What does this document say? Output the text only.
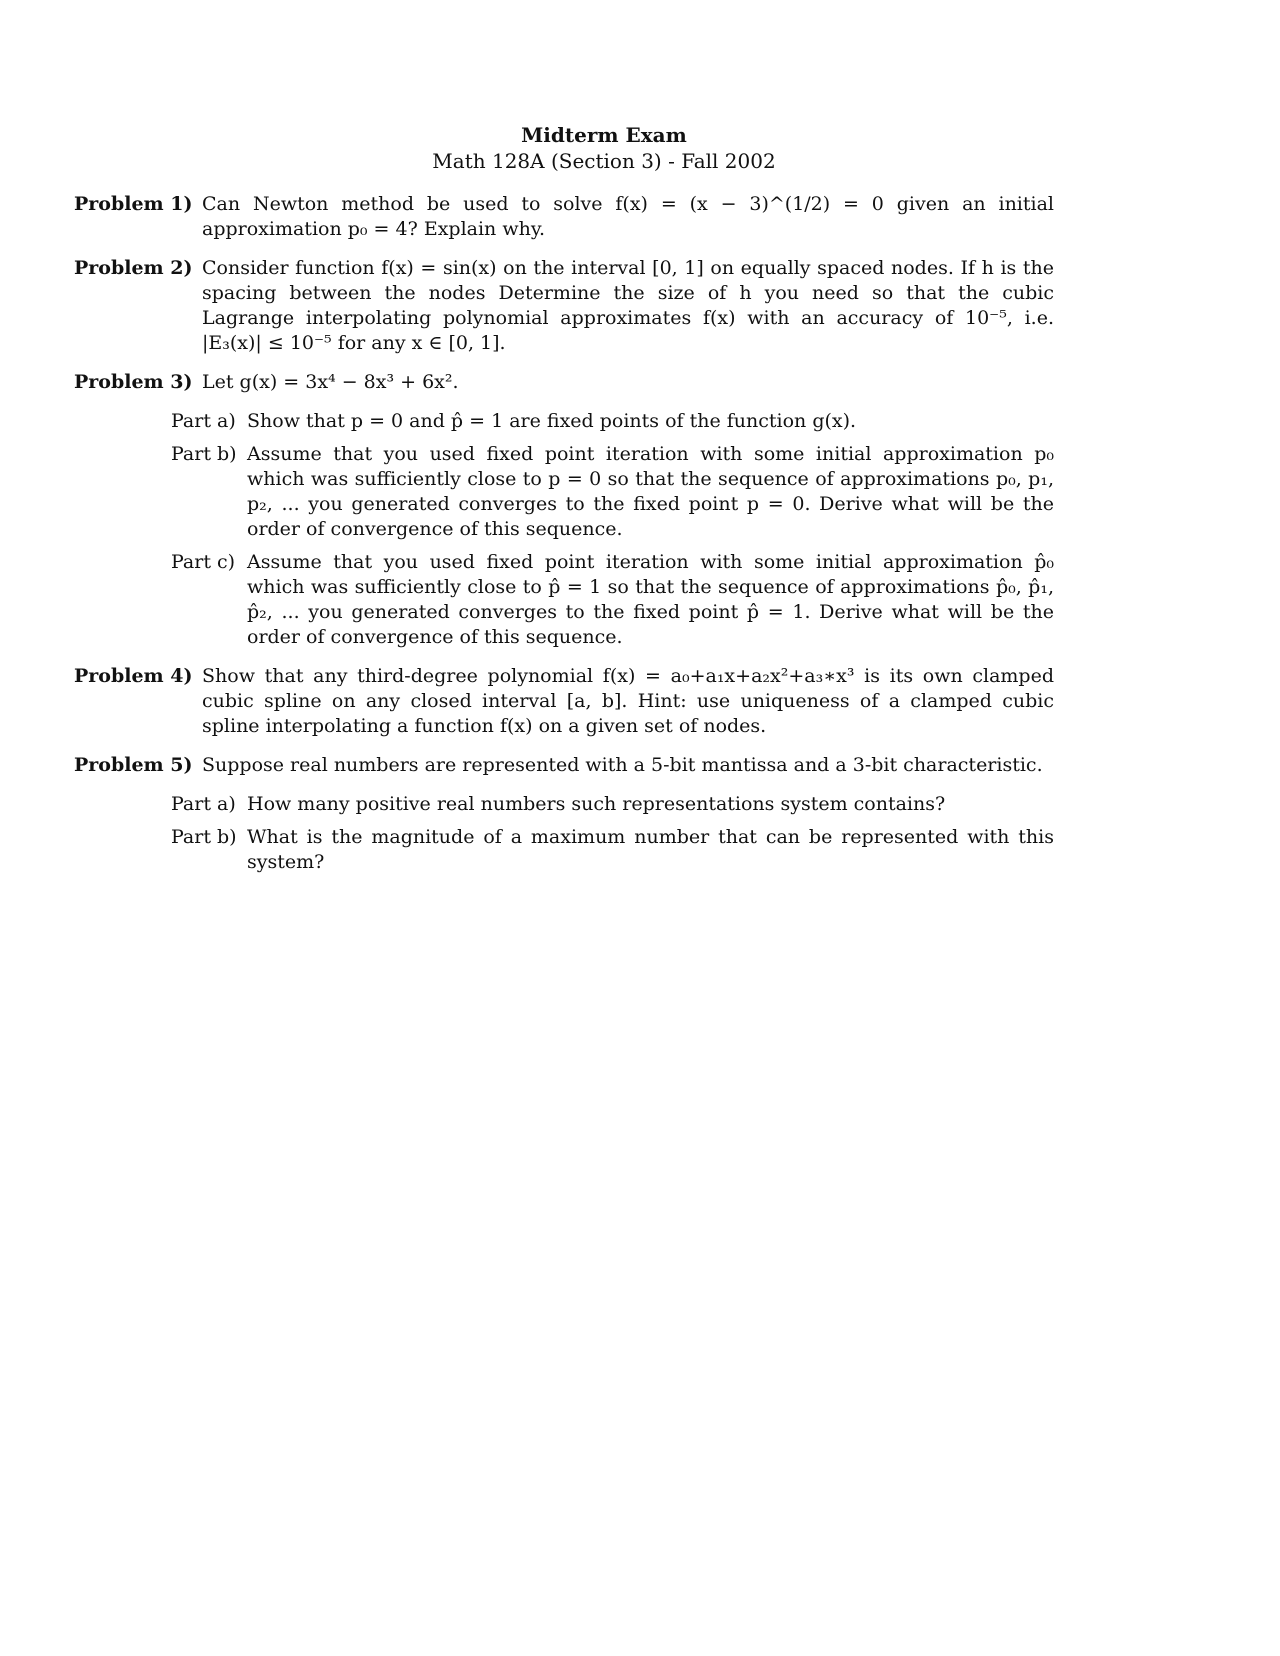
Midterm Exam
Math 128A (Section 3) - Fall 2002
Problem 1) Can Newton method be used to solve f(x) = (x − 3)^(1/2) = 0 given an initial approximation p₀ = 4? Explain why.
Problem 2) Consider function f(x) = sin(x) on the interval [0, 1] on equally spaced nodes. If h is the spacing between the nodes Determine the size of h you need so that the cubic Lagrange interpolating polynomial approximates f(x) with an accuracy of 10⁻⁵, i.e. |E₃(x)| ≤ 10⁻⁵ for any x ∈ [0, 1].
Problem 3) Let g(x) = 3x⁴ − 8x³ + 6x².
Part a) Show that p = 0 and p̂ = 1 are fixed points of the function g(x).
Part b) Assume that you used fixed point iteration with some initial approximation p₀ which was sufficiently close to p = 0 so that the sequence of approximations p₀, p₁, p₂, ... you generated converges to the fixed point p = 0. Derive what will be the order of convergence of this sequence.
Part c) Assume that you used fixed point iteration with some initial approximation p̂₀ which was sufficiently close to p̂ = 1 so that the sequence of approximations p̂₀, p̂₁, p̂₂, ... you generated converges to the fixed point p̂ = 1. Derive what will be the order of convergence of this sequence.
Problem 4) Show that any third-degree polynomial f(x) = a₀+a₁x+a₂x²+a₃∗x³ is its own clamped cubic spline on any closed interval [a, b]. Hint: use uniqueness of a clamped cubic spline interpolating a function f(x) on a given set of nodes.
Problem 5) Suppose real numbers are represented with a 5-bit mantissa and a 3-bit characteristic.
Part a) How many positive real numbers such representations system contains?
Part b) What is the magnitude of a maximum number that can be represented with this system?
